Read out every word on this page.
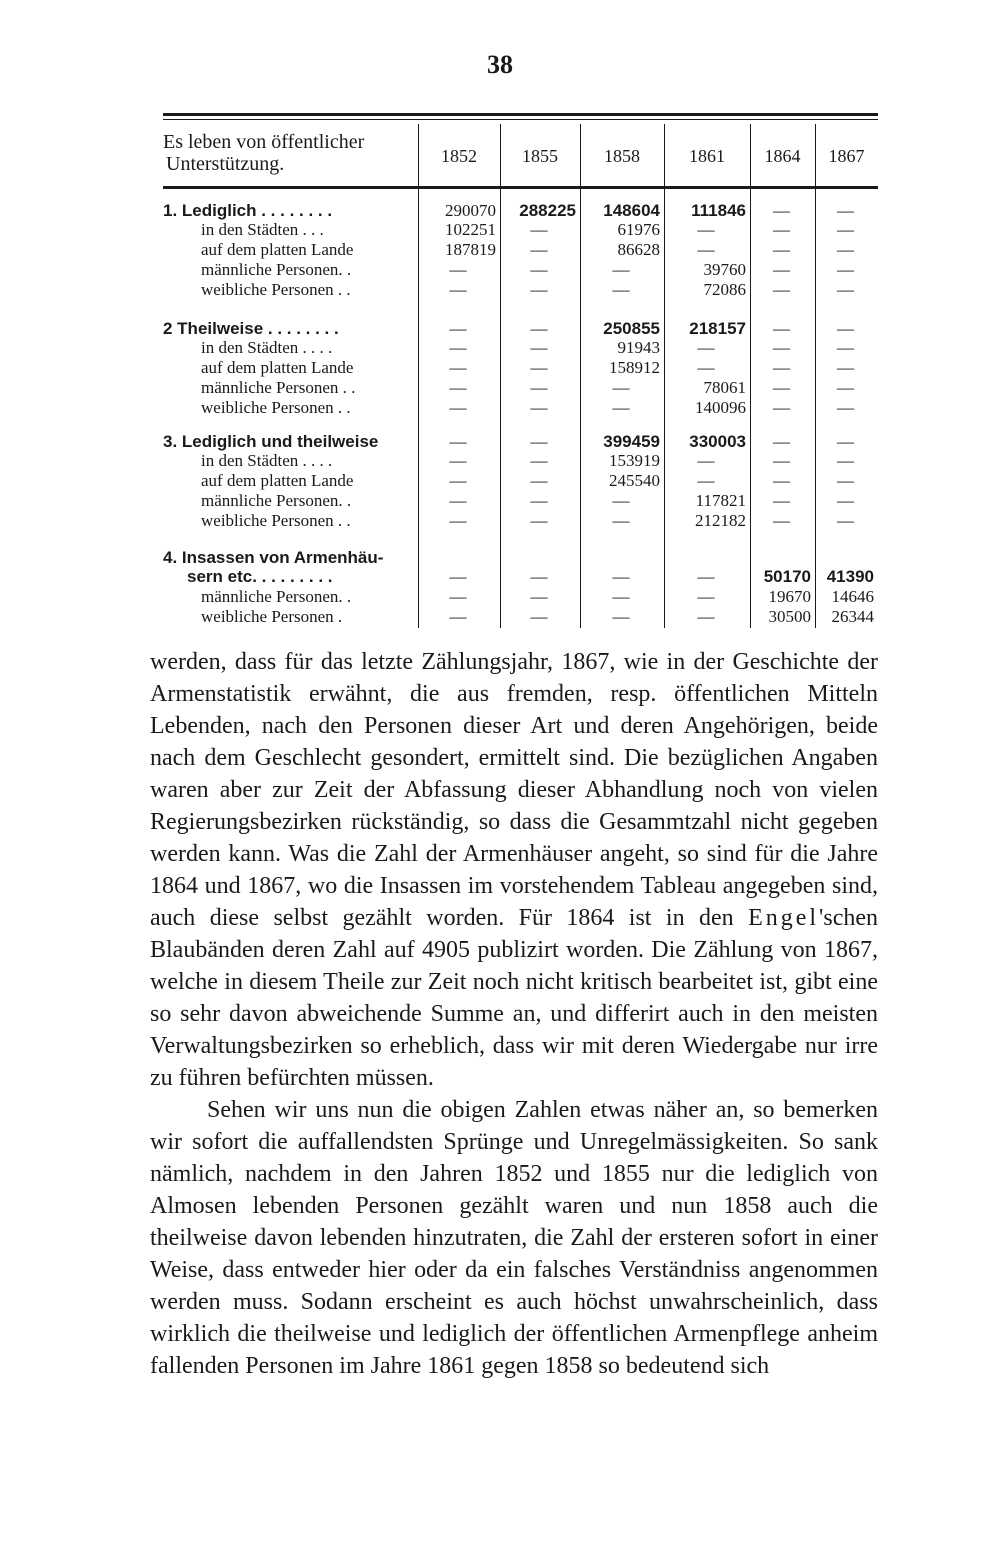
38
Es leben von öffentlicher
Unterstützung.	1852	1855	1858	1861	1864	1867
1. Lediglich . . . . . . . .	290070	288225	148604	111846	—	—
in den Städten . . .	102251	—	61976	—	—	—
auf dem platten Lande	187819	—	86628	—	—	—
männliche Personen. .	—	—	—	39760	—	—
weibliche Personen . .	—	—	—	72086	—	—
2 Theilweise . . . . . . . .	—	—	250855	218157	—	—
in den Städten . . . .	—	—	91943	—	—	—
auf dem platten Lande	—	—	158912	—	—	—
männliche Personen . .	—	—	—	78061	—	—
weibliche Personen . .	—	—	—	140096	—	—
3. Lediglich und theilweise	—	—	399459	330003	—	—
in den Städten . . . .	—	—	153919	—	—	—
auf dem platten Lande	—	—	245540	—	—	—
männliche Personen. .	—	—	—	117821	—	—
weibliche Personen . .	—	—	—	212182	—	—
4. Insassen von Armenhäu-
sern etc. . . . . . . . .	—	—	—	—	50170 41390
männliche Personen. .	—	—	—	—	19670	14646
weibliche Personen .	—	—	—	—	30500	26344

werden, dass für das letzte Zählungsjahr, 1867, wie in der Geschichte der Armenstatistik erwähnt, die aus fremden, resp. öffentlichen Mitteln Lebenden, nach den Personen dieser Art und deren Angehörigen, beide nach dem Geschlecht gesondert, ermittelt sind. Die bezüglichen Angaben waren aber zur Zeit der Abfassung dieser Abhandlung noch von vielen Regierungsbezirken rückständig, so dass die Gesammtzahl nicht gegeben werden kann. Was die Zahl der Armenhäuser angeht, so sind für die Jahre 1864 und 1867, wo die Insassen im vorstehendem Tableau angegeben sind, auch diese selbst gezählt worden. Für 1864 ist in den Engel'schen Blaubänden deren Zahl auf 4905 publizirt worden. Die Zählung von 1867, welche in diesem Theile zur Zeit noch nicht kritisch bearbeitet ist, gibt eine so sehr davon abweichende Summe an, und differirt auch in den meisten Verwaltungsbezirken so erheblich, dass wir mit deren Wiedergabe nur irre zu führen befürchten müssen.

Sehen wir uns nun die obigen Zahlen etwas näher an, so bemerken wir sofort die auffallendsten Sprünge und Unregelmässigkeiten. So sank nämlich, nachdem in den Jahren 1852 und 1855 nur die lediglich von Almosen lebenden Personen gezählt waren und nun 1858 auch die theilweise davon lebenden hinzutraten, die Zahl der ersteren sofort in einer Weise, dass entweder hier oder da ein falsches Verständniss angenommen werden muss. Sodann erscheint es auch höchst unwahrscheinlich, dass wirklich die theilweise und lediglich der öffentlichen Armenpflege anheim fallenden Personen im Jahre 1861 gegen 1858 so bedeutend sich
